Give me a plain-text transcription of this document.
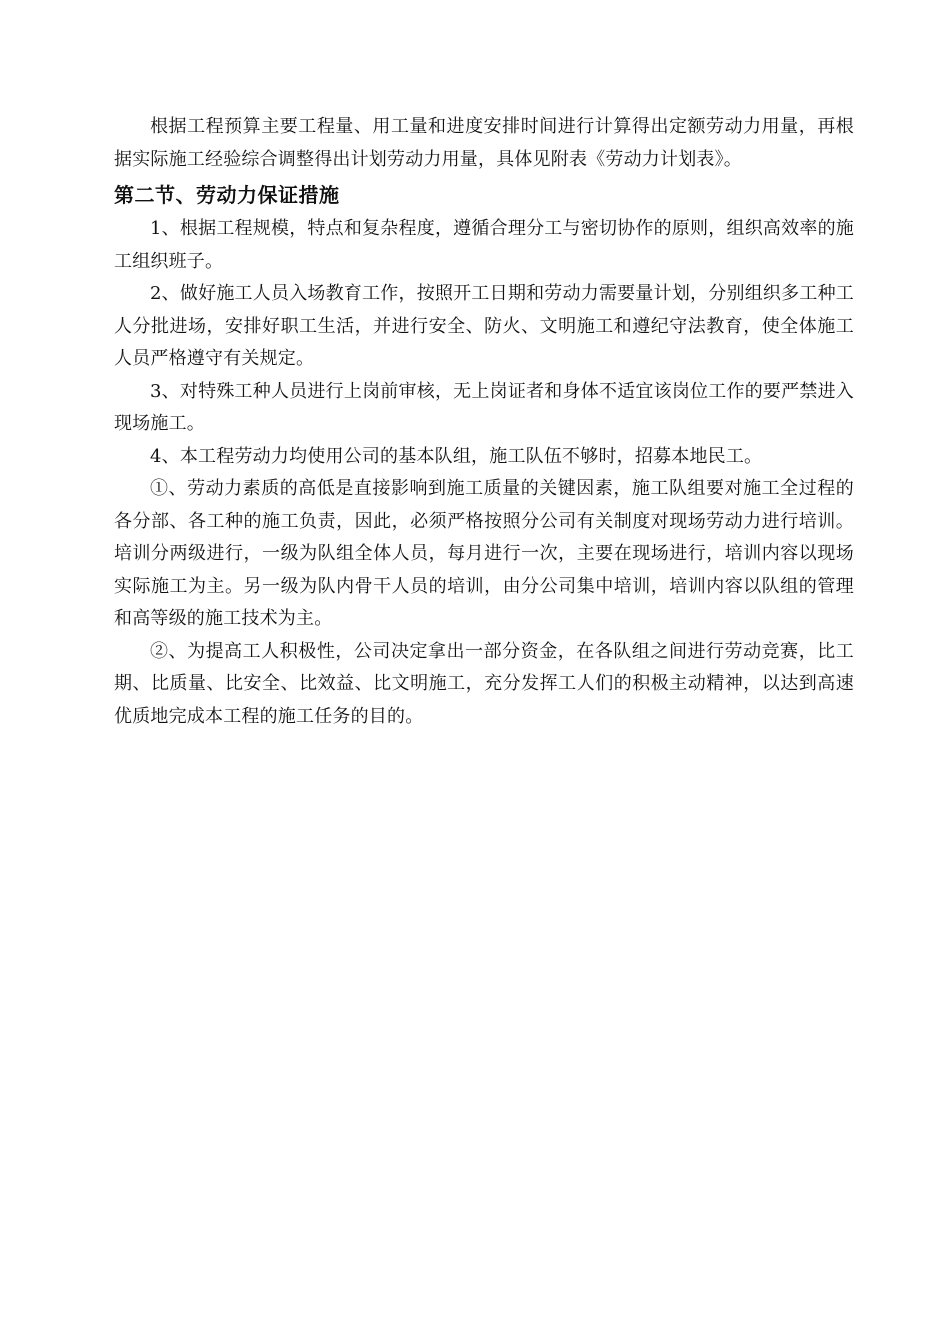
根据工程预算主要工程量、用工量和进度安排时间进行计算得出定额劳动力用量，再根据实际施工经验综合调整得出计划劳动力用量，具体见附表《劳动力计划表》。

第二节、劳动力保证措施

1、根据工程规模，特点和复杂程度，遵循合理分工与密切协作的原则，组织高效率的施工组织班子。

2、做好施工人员入场教育工作，按照开工日期和劳动力需要量计划，分别组织多工种工人分批进场，安排好职工生活，并进行安全、防火、文明施工和遵纪守法教育，使全体施工人员严格遵守有关规定。

3、对特殊工种人员进行上岗前审核，无上岗证者和身体不适宜该岗位工作的要严禁进入现场施工。

4、本工程劳动力均使用公司的基本队组，施工队伍不够时，招募本地民工。

①、劳动力素质的高低是直接影响到施工质量的关键因素，施工队组要对施工全过程的各分部、各工种的施工负责，因此，必须严格按照分公司有关制度对现场劳动力进行培训。培训分两级进行，一级为队组全体人员，每月进行一次，主要在现场进行，培训内容以现场实际施工为主。另一级为队内骨干人员的培训，由分公司集中培训，培训内容以队组的管理和高等级的施工技术为主。

②、为提高工人积极性，公司决定拿出一部分资金，在各队组之间进行劳动竞赛，比工期、比质量、比安全、比效益、比文明施工，充分发挥工人们的积极主动精神，以达到高速优质地完成本工程的施工任务的目的。
